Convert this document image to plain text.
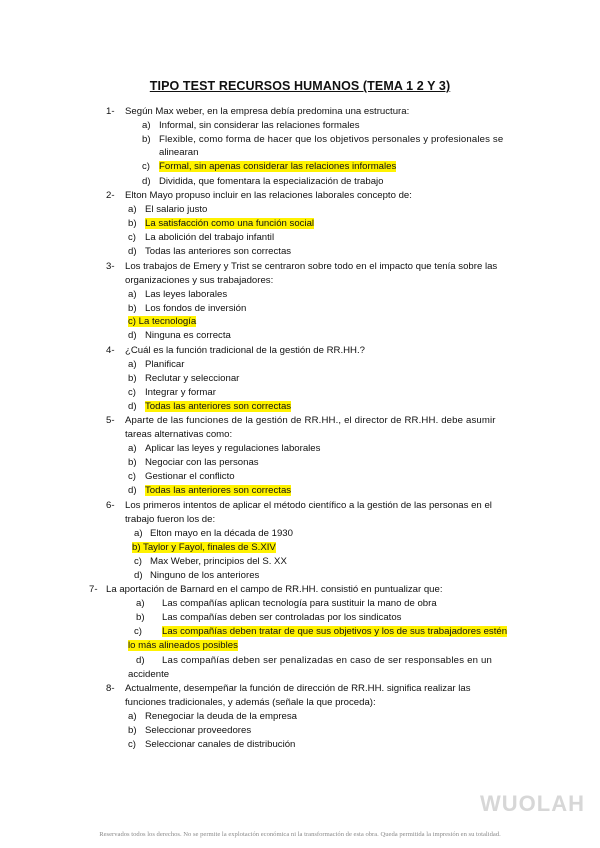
TIPO TEST RECURSOS HUMANOS (TEMA 1 2 Y 3)
1- Según Max weber, en la empresa debía predomina una estructura:
a) Informal, sin considerar las relaciones formales
b) Flexible, como forma de hacer que los objetivos personales y profesionales se
alinearan
c) Formal, sin apenas considerar las relaciones informales
d) Dividida, que fomentara la especialización de trabajo
2- Elton Mayo propuso incluir en las relaciones laborales concepto de:
a) El salario justo
b) La satisfacción como una función social
c) La abolición del trabajo infantil
d) Todas las anteriores son correctas
3- Los trabajos de Emery y Trist se centraron sobre todo en el impacto que tenía sobre las
organizaciones y sus trabajadores:
a) Las leyes laborales
b) Los fondos de inversión
c) La tecnología
d) Ninguna es correcta
4- ¿Cuál es la función tradicional de la gestión de RR.HH.?
a) Planificar
b) Reclutar y seleccionar
c) Integrar y formar
d) Todas las anteriores son correctas
5- Aparte de las funciones de la gestión de RR.HH., el director de RR.HH. debe asumir
tareas alternativas como:
a) Aplicar las leyes y regulaciones laborales
b) Negociar con las personas
c) Gestionar el conflicto
d) Todas las anteriores son correctas
6- Los primeros intentos de aplicar el método científico a la gestión de las personas en el
trabajo fueron los de:
a) Elton mayo en la década de 1930
b) Taylor y Fayol, finales de S.XIV
c) Max Weber, principios del S. XX
d) Ninguno de los anteriores
7- La aportación de Barnard en el campo de RR.HH. consistió en puntualizar que:
a) Las compañías aplican tecnología para sustituir la mano de obra
b) Las compañías deben ser controladas por los sindicatos
c) Las compañías deben tratar de que sus objetivos y los de sus trabajadores estén
lo más alineados posibles
d) Las compañías deben ser penalizadas en caso de ser responsables en un
accidente
8- Actualmente, desempeñar la función de dirección de RR.HH. significa realizar las
funciones tradicionales, y además (señale la que proceda):
a) Renegociar la deuda de la empresa
b) Seleccionar proveedores
c) Seleccionar canales de distribución
WUOLAH
Reservados todos los derechos. No se permite la explotación económica ni la transformación de esta obra. Queda permitida la impresión en su totalidad.
